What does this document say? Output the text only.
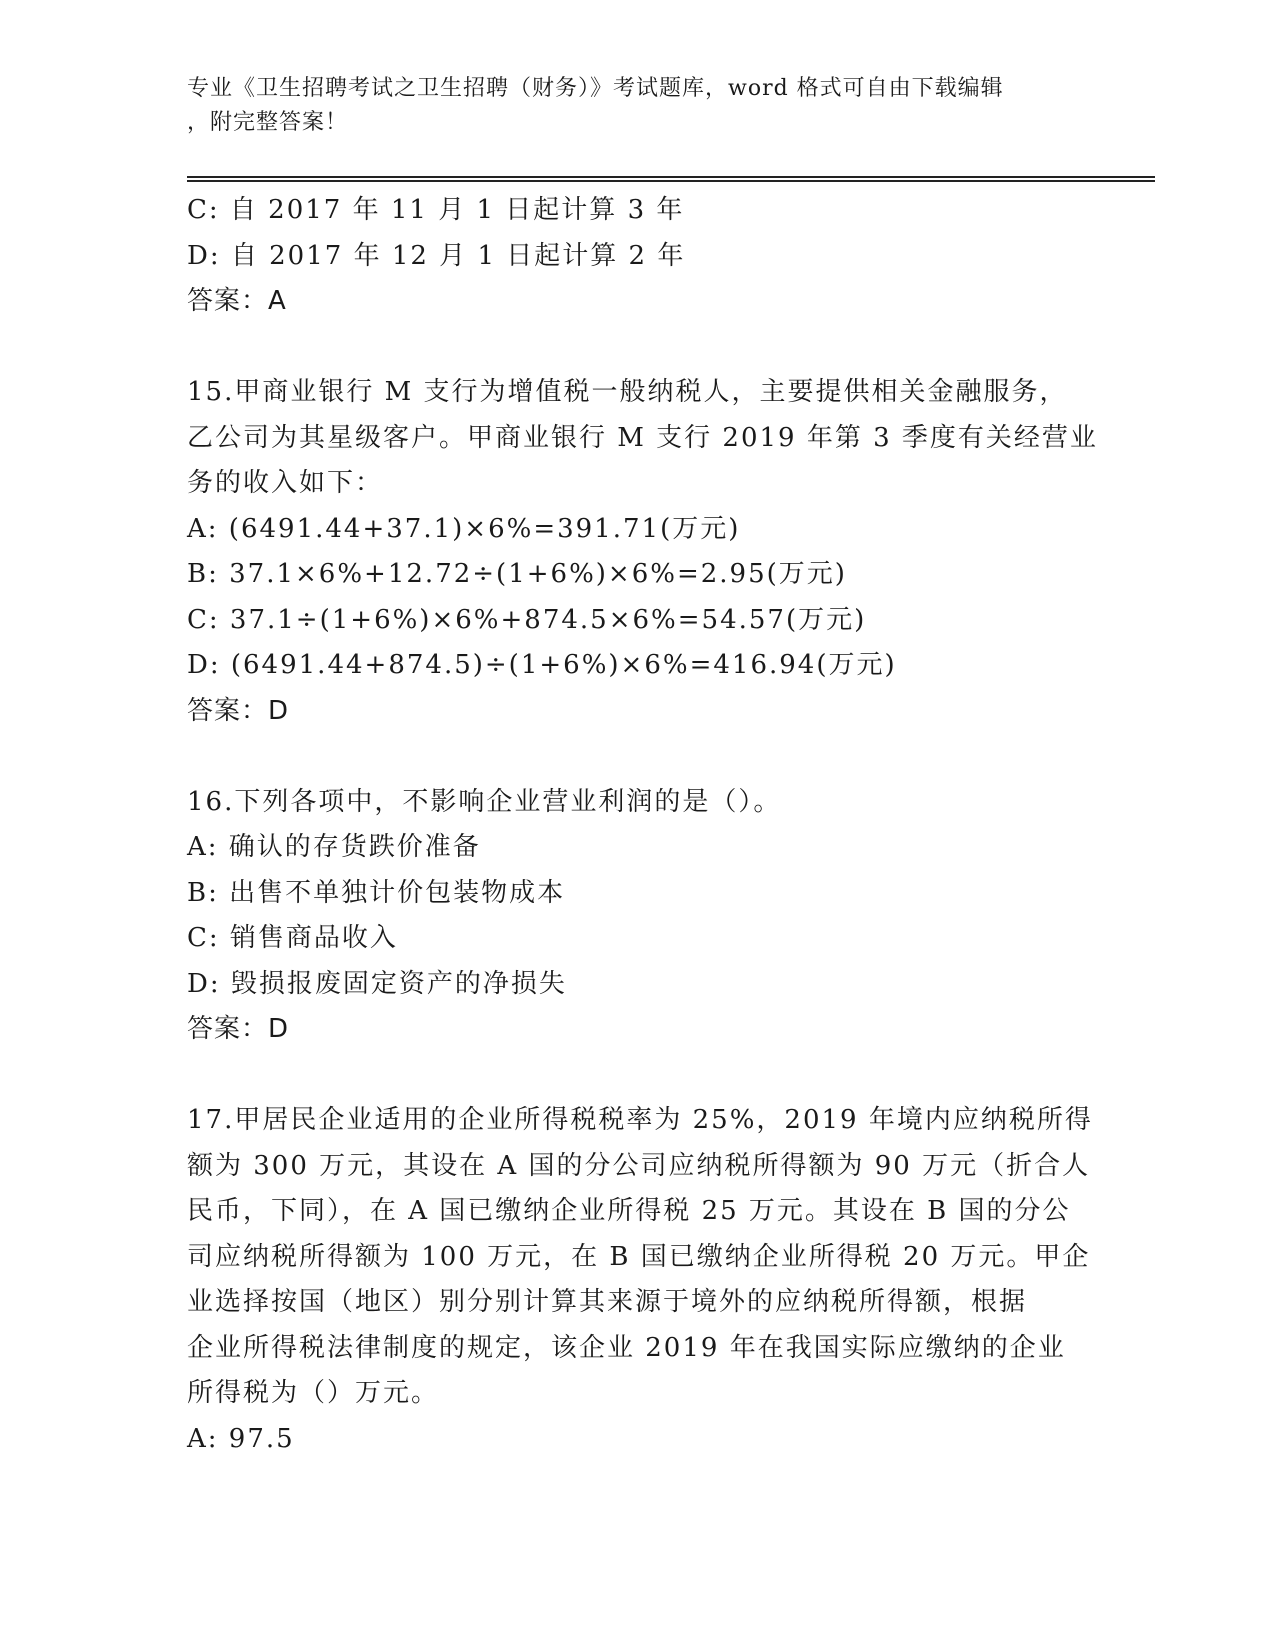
专业《卫生招聘考试之卫生招聘（财务）》考试题库，word 格式可自由下载编辑
，附完整答案！
C: 自 2017 年 11 月 1 日起计算 3 年
D: 自 2017 年 12 月 1 日起计算 2 年
答案：A
15.甲商业银行 M 支行为增值税一般纳税人，主要提供相关金融服务，
乙公司为其星级客户。甲商业银行 M 支行 2019 年第 3 季度有关经营业
务的收入如下：
A: (6491.44+37.1)×6%=391.71(万元)
B: 37.1×6%+12.72÷(1+6%)×6%=2.95(万元)
C: 37.1÷(1+6%)×6%+874.5×6%=54.57(万元)
D: (6491.44+874.5)÷(1+6%)×6%=416.94(万元)
答案：D
16.下列各项中，不影响企业营业利润的是（）。
A: 确认的存货跌价准备
B: 出售不单独计价包装物成本
C: 销售商品收入
D: 毁损报废固定资产的净损失
答案：D
17.甲居民企业适用的企业所得税税率为 25%，2019 年境内应纳税所得
额为 300 万元，其设在 A 国的分公司应纳税所得额为 90 万元（折合人
民币，下同），在 A 国已缴纳企业所得税 25 万元。其设在 B 国的分公
司应纳税所得额为 100 万元，在 B 国已缴纳企业所得税 20 万元。甲企
业选择按国（地区）别分别计算其来源于境外的应纳税所得额，根据
企业所得税法律制度的规定，该企业 2019 年在我国实际应缴纳的企业
所得税为（）万元。
A: 97.5
